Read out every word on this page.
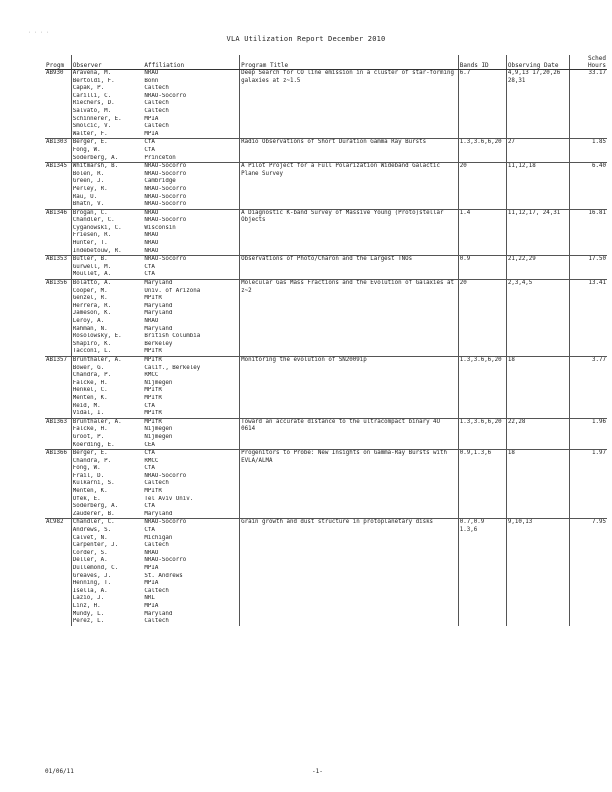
· · · ·
VLA Utilization Report December 2010
Progm	Observer	Affiliation	Program Title	Bands ID	Observing Date	Sched Hours
AB930	Aravena, M.	NRAO	Deep Search for CO line emission in a cluster of star-forming galaxies at z~1.5	6.7	4,9,13 17,20,26 28,31	33.17
	Bertoldi, F.	Bonn				
	Capak, P.	Caltech				
	Carilli, C.	NRAO-Socorro				
	Riechers, D.	Caltech				
	Salvato, M.	Caltech				
	Schinnerer, E.	MPIA				
	Smolcic, V.	Caltech				
	Walter, F.	MPIA				
AB1303	Berger, E.	CfA	Radio Observations of Short Duration Gamma Ray Bursts	1.3,3.6,6,20	27	1.85
	Fong, W.	CfA				
	Soderberg, A.	Princeton				
AB1345	Whitmarsh, B.	NRAO-Socorro	A Pilot Project for a Full Polarization Wideband Galactic Plane Survey	20	11,12,18	6.40
	Bolen, R.	NRAO-Socorro				
	Green, J.	Cambridge				
	Perley, R.	NRAO-Socorro				
	Rau, U.	NRAO-Socorro				
	Bhatn, V.	NRAO-Socorro				
AB1346	Brogan, C.	NRAO	A Diagnostic K-band Survey of Massive Young (Proto)stellar Objects	1.4	11,12,17, 24,31	16.81
	Chandler, C.	NRAO-Socorro				
	Cyganowski, C.	Wisconsin				
	Friesen, R.	NRAO				
	Hunter, T.	NRAO				
	Indebetouw, R.	NRAO				
AB1353	Butler, B.	NRAO-Socorro	Observations of Photo/Charon and the Largest TNOs	0.9	21,22,29	17.50
	Gurwell, M.	CfA				
	Moullet, A.	CfA				
AB1356	Bolatto, A.	Maryland	Molecular Gas Mass Fractions and the Evolution of Galaxies at z~2	20	2,3,4,5	13.41
	Cooper, M.	Univ. of Arizona				
	Genzel, R.	MPIfR				
	Herrera, R.	Maryland				
	Jameson, K.	Maryland				
	Leroy, A.	NRAO				
	Rahman, N.	Maryland				
	Rosolowsky, E.	British Columbia				
	Shapiro, K.	Berkeley				
	Tacconi, L.	MPIfR				
AB1357	Brunthaler, A.	MPIfR	Monitoring the evolution of SN2009ip	1.3,3.6,6,20	18	3.77
	Bower, G.	Calif., Berkeley				
	Chandra, P.	RMCC				
	Falcke, H.	Nijmegen				
	Henkel, C.	MPIfR				
	Menten, K.	MPIfR				
	Reid, M.	CfA				
	Vidal, I.	MPIfR				
AB1363	Brunthaler, A.	MPIfR	Toward an accurate distance to the ultracompact binary 4U 0614	1.3,3.6,6,20	22,28	1.96
	Falcke, H.	Nijmegen				
	Groot, P.	Nijmegen				
	Koerding, E.	CEA				
AB1366	Berger, E.	CfA	Progenitors to Probe: New Insights on Gamma-Ray Bursts with EVLA/ALMA	0.9,1.3,6	18	1.97
	Chandra, P.	RMCC				
	Fong, W.	CfA				
	Frail, D.	NRAO-Socorro				
	Kulkarni, S.	Caltech				
	Menten, K.	MPIfR				
	Ofek, E.	Tel Aviv Univ.				
	Soderberg, A.	CfA				
	Zauderer, B.	Maryland				
AC982	Chandler, C.	NRAO-Socorro	Grain growth and dust structure in protoplanetary disks	0.7,0.9 1.3,6	9,10,13	7.95
	Andrews, S.	CfA				
	Calvet, N.	Michigan				
	Carpenter, J.	Caltech				
	Corder, S.	NRAO				
	Deller, A.	NRAO-Socorro				
	Dullemond, C.	MPIA				
	Greaves, J.	St. Andrews				
	Henning, T.	MPIA				
	Isella, A.	Caltech				
	Lazio, J.	NRL				
	Linz, H.	MPIA				
	Mundy, L.	Maryland				
	Perez, L.	Caltech				
01/06/11	-1-
